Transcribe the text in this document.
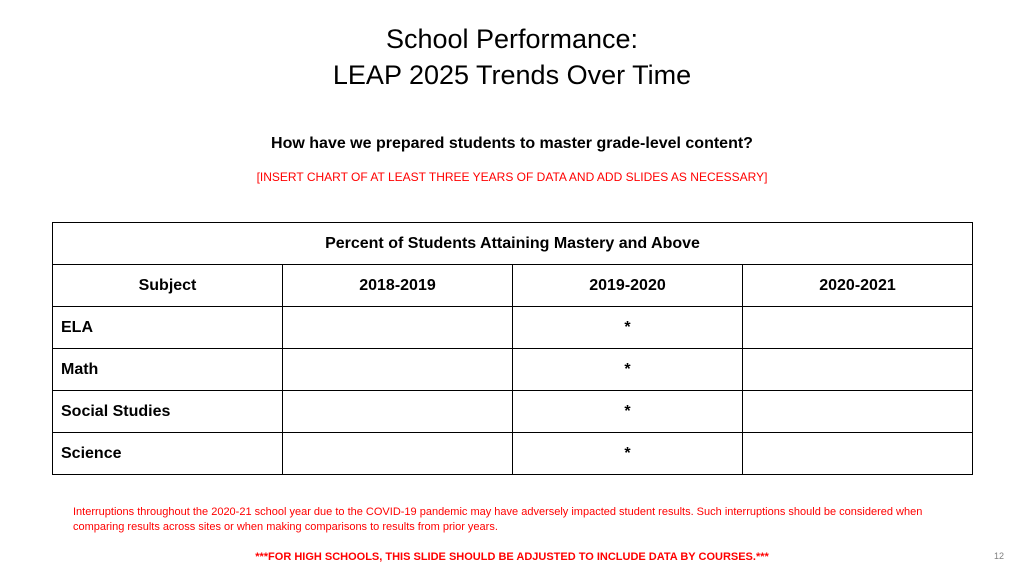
School Performance:
LEAP 2025 Trends Over Time
How have we prepared students to master grade-level content?
[INSERT CHART OF AT LEAST THREE YEARS OF DATA AND ADD SLIDES AS NECESSARY]
Percent of Students Attaining Mastery and Above			
Subject	2018-2019	2019-2020	2020-2021
ELA		*	
Math		*	
Social Studies		*	
Science		*	
Interruptions throughout the 2020-21 school year due to the COVID-19 pandemic may have adversely impacted student results. Such interruptions should be considered when comparing results across sites or when making comparisons to results from prior years.
***FOR HIGH SCHOOLS, THIS SLIDE SHOULD BE ADJUSTED TO INCLUDE DATA BY COURSES.***	12
